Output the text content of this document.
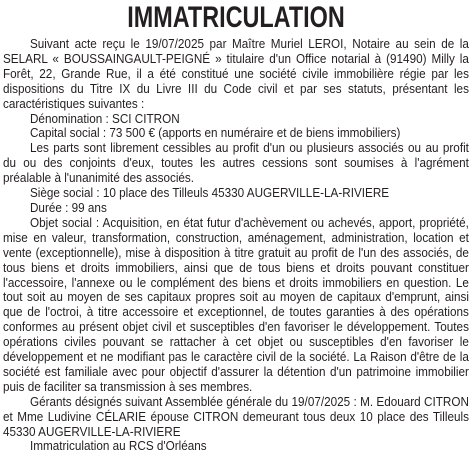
IMMATRICULATION

Suivant acte reçu le 19/07/2025 par Maître Muriel LEROI, Notaire au sein de la SELARL « BOUSSAINGAULT-PEIGNÉ » titulaire d'un Office notarial à (91490) Milly la Forêt, 22, Grande Rue, il a été constitué une société civile immobilière régie par les dispositions du Titre IX du Livre III du Code civil et par ses statuts, présentant les caractéristiques suivantes :

Dénomination : SCI CITRON

Capital social : 73 500 € (apports en numéraire et de biens immobiliers)

Les parts sont librement cessibles au profit d'un ou plusieurs associés ou au profit du ou des conjoints d'eux, toutes les autres cessions sont soumises à l'agrément préalable à l'unanimité des associés.

Siège social : 10 place des Tilleuls 45330 AUGERVILLE-LA-RIVIERE

Durée : 99 ans

Objet social : Acquisition, en état futur d'achèvement ou achevés, apport, propriété, mise en valeur, transformation, construction, aménagement, administration, location et vente (exceptionnelle), mise à disposition à titre gratuit au profit de l'un des associés, de tous biens et droits immobiliers, ainsi que de tous biens et droits pouvant constituer l'accessoire, l'annexe ou le complément des biens et droits immobiliers en question. Le tout soit au moyen de ses capitaux propres soit au moyen de capitaux d'emprunt, ainsi que de l'octroi, à titre accessoire et exceptionnel, de toutes garanties à des opérations conformes au présent objet civil et susceptibles d'en favoriser le développement. Toutes opérations civiles pouvant se rattacher à cet objet ou susceptibles d'en favoriser le développement et ne modifiant pas le caractère civil de la société. La Raison d'être de la société est familiale avec pour objectif d'assurer la détention d'un patrimoine immobilier puis de faciliter sa transmission à ses membres.

Gérants désignés suivant Assemblée générale du 19/07/2025 : M. Edouard CITRON et Mme Ludivine CÉLARIE épouse CITRON demeurant tous deux 10 place des Tilleuls 45330 AUGERVILLE-LA-RIVIERE

Immatriculation au RCS d'Orléans
